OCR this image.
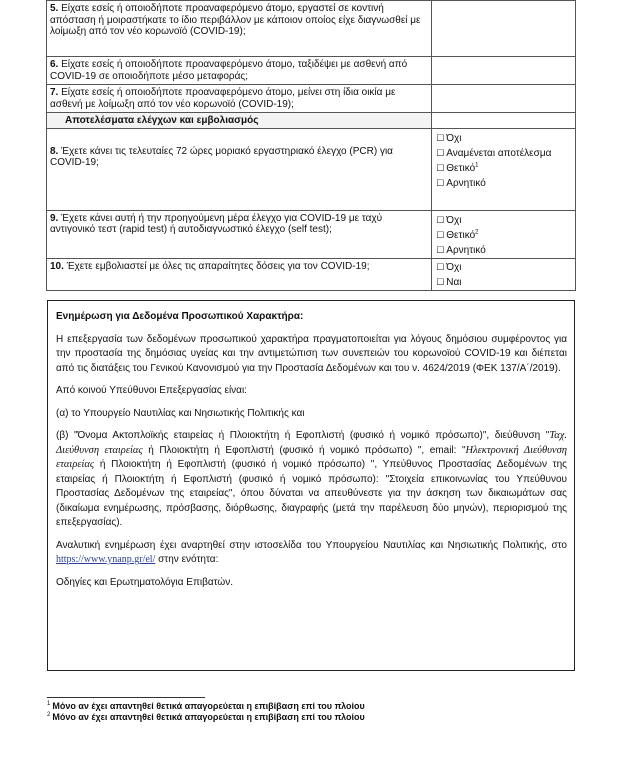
5. Είχατε εσείς ή οποιοδήποτε προαναφερόμενο άτομο, εργαστεί σε κοντινή απόσταση ή μοιραστήκατε το ίδιο περιβάλλον με κάποιον οποίος είχε διαγνωσθεί με λοίμωξη από τον νέο κορωνοϊό (COVID-19);	
6. Είχατε εσείς ή οποιοδήποτε προαναφερόμενο άτομο, ταξιδέψει με ασθενή από COVID-19 σε οποιοδήποτε μέσο μεταφοράς;	
7. Είχατε εσείς ή οποιοδήποτε προαναφερόμενο άτομο, μείνει στη ίδια οικία με ασθενή με λοίμωξη από τον νέο κορωνοϊό (COVID-19);	
Αποτελέσματα ελέγχων και εμβολιασμός	
8. Έχετε κάνει τις τελευταίες 72 ώρες μοριακό εργαστηριακό έλεγχο (PCR) για COVID-19;	☐ Όχι
☐ Αναμένεται αποτέλεσμα
☐ Θετικό$^1$
☐ Αρνητικό

9. Έχετε κάνει αυτή ή την προηγούμενη μέρα έλεγχο για COVID-19 με ταχύ αντιγονικό τεστ (rapid test) ή αυτοδιαγνωστικό έλεγχο (self test);	☐ Όχι
☐ Θετικό$^2$
☐ Αρνητικό

10. Έχετε εμβολιαστεί με όλες τις απαραίτητες δόσεις για τον COVID-19;	☐ Όχι
☐ Ναι

Ενημέρωση για Δεδομένα Προσωπικού Χαρακτήρα:

Η επεξεργασία των δεδομένων προσωπικού χαρακτήρα πραγματοποιείται για λόγους δημόσιου συμφέροντος για την προστασία της δημόσιας υγείας και την αντιμετώπιση των συνεπειών του κορωνοϊού COVID-19 και διέπεται από τις διατάξεις του Γενικού Κανονισμού για την Προστασία Δεδομένων και του ν. 4624/2019 (ΦΕΚ 137/Α΄/2019).

Από κοινού Υπεύθυνοι Επεξεργασίας είναι:

(α) το Υπουργείο Ναυτιλίας και Νησιωτικής Πολιτικής και

(β) "Όνομα Ακτοπλοϊκής εταιρείας ή Πλοιοκτήτη ή Εφοπλιστή (φυσικό ή νομικό πρόσωπο)", διεύθυνση "Ταχ. Διεύθυνση εταιρείας ή Πλοιοκτήτη ή Εφοπλιστή (φυσικό ή νομικό πρόσωπο) ", email: "Ηλεκτρονική Διεύθυνση εταιρείας ή Πλοιοκτήτη ή Εφοπλιστή (φυσικό ή νομικό πρόσωπο) ", Υπεύθυνος Προστασίας Δεδομένων της εταιρείας ή Πλοιοκτήτη ή Εφοπλιστή (φυσικό ή νομικό πρόσωπο): "Στοιχεία επικοινωνίας του Υπεύθυνου Προστασίας Δεδομένων της εταιρείας", όπου δύναται να απευθύνεστε για την άσκηση των δικαιωμάτων σας (δικαίωμα ενημέρωσης, πρόσβασης, διόρθωσης, διαγραφής (μετά την παρέλευση δύο μηνών), περιορισμού της επεξεργασίας).

Αναλυτική ενημέρωση έχει αναρτηθεί στην ιστοσελίδα του Υπουργείου Ναυτιλίας και Νησιωτικής Πολιτικής, στο https://www.ynanp.gr/el/ στην ενότητα:

Οδηγίες και Ερωτηματολόγια Επιβατών.

$^1$ Μόνο αν έχει απαντηθεί θετικά απαγορεύεται η επιβίβαση επί του πλοίου
$^2$ Μόνο αν έχει απαντηθεί θετικά απαγορεύεται η επιβίβαση επί του πλοίου
